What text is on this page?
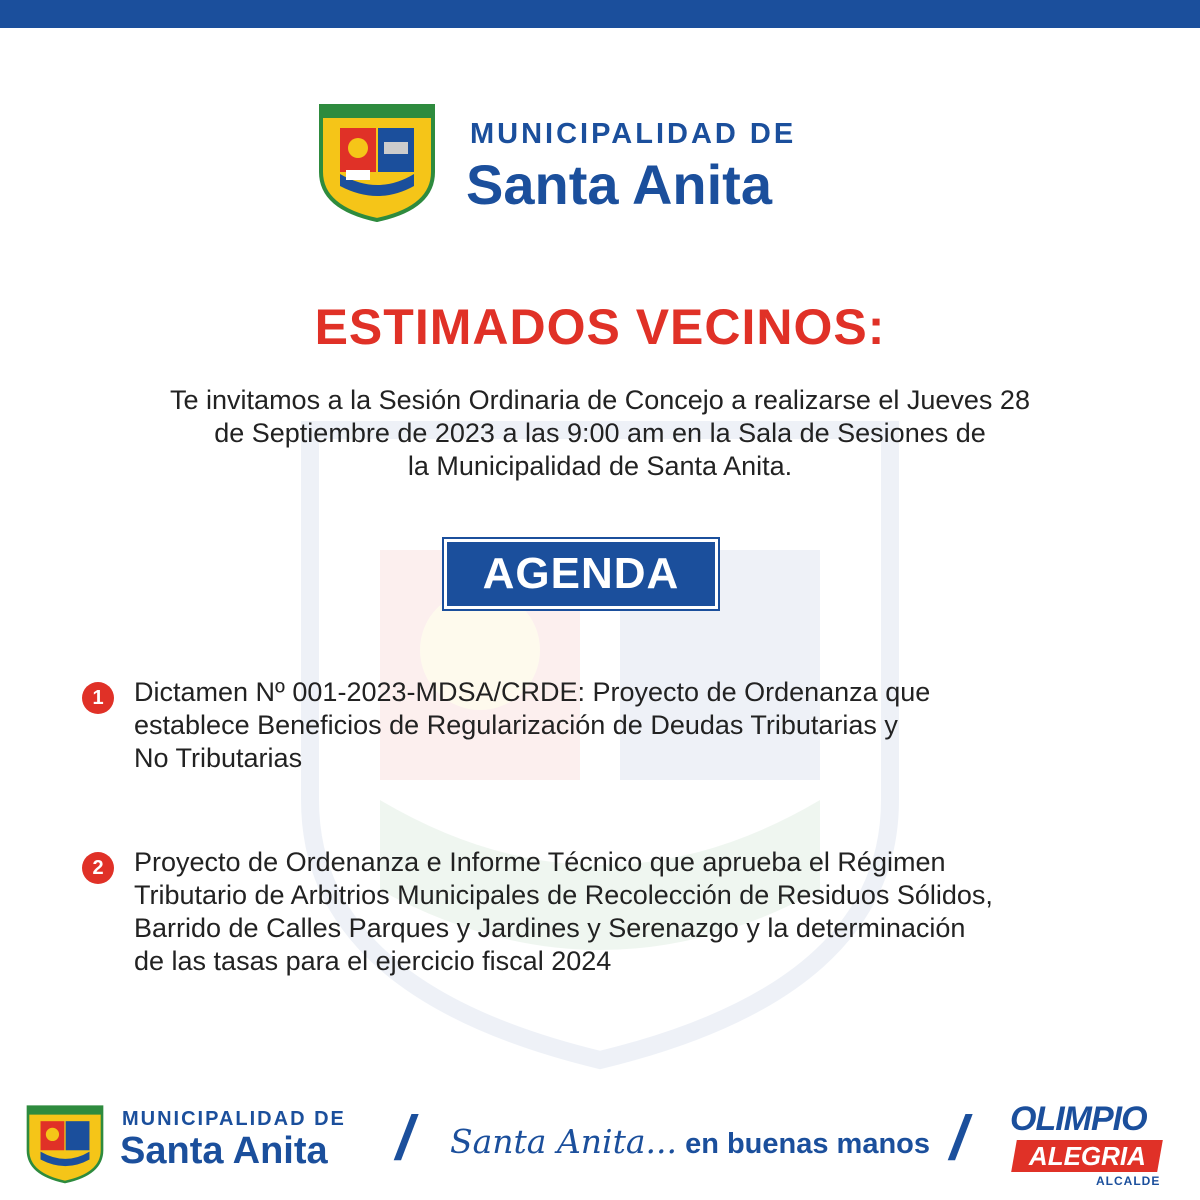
MUNICIPALIDAD DE
Santa Anita
ESTIMADOS VECINOS:
Te invitamos a la Sesión Ordinaria de Concejo a realizarse el Jueves 28
de Septiembre de 2023 a las 9:00 am en la Sala de Sesiones de
la Municipalidad de Santa Anita.
AGENDA
1	Dictamen Nº 001-2023-MDSA/CRDE: Proyecto de Ordenanza que
establece Beneficios de Regularización de Deudas Tributarias y
No Tributarias
2	Proyecto de Ordenanza e Informe Técnico que aprueba el Régimen
Tributario de Arbitrios Municipales de Recolección de Residuos Sólidos,
Barrido de Calles Parques y Jardines y Serenazgo y la determinación
de las tasas para el ejercicio fiscal 2024
MUNICIPALIDAD DE
Santa Anita / Santa Anita... en buenas manos / OLIMPIO
ALEGRIA
ALCALDE
